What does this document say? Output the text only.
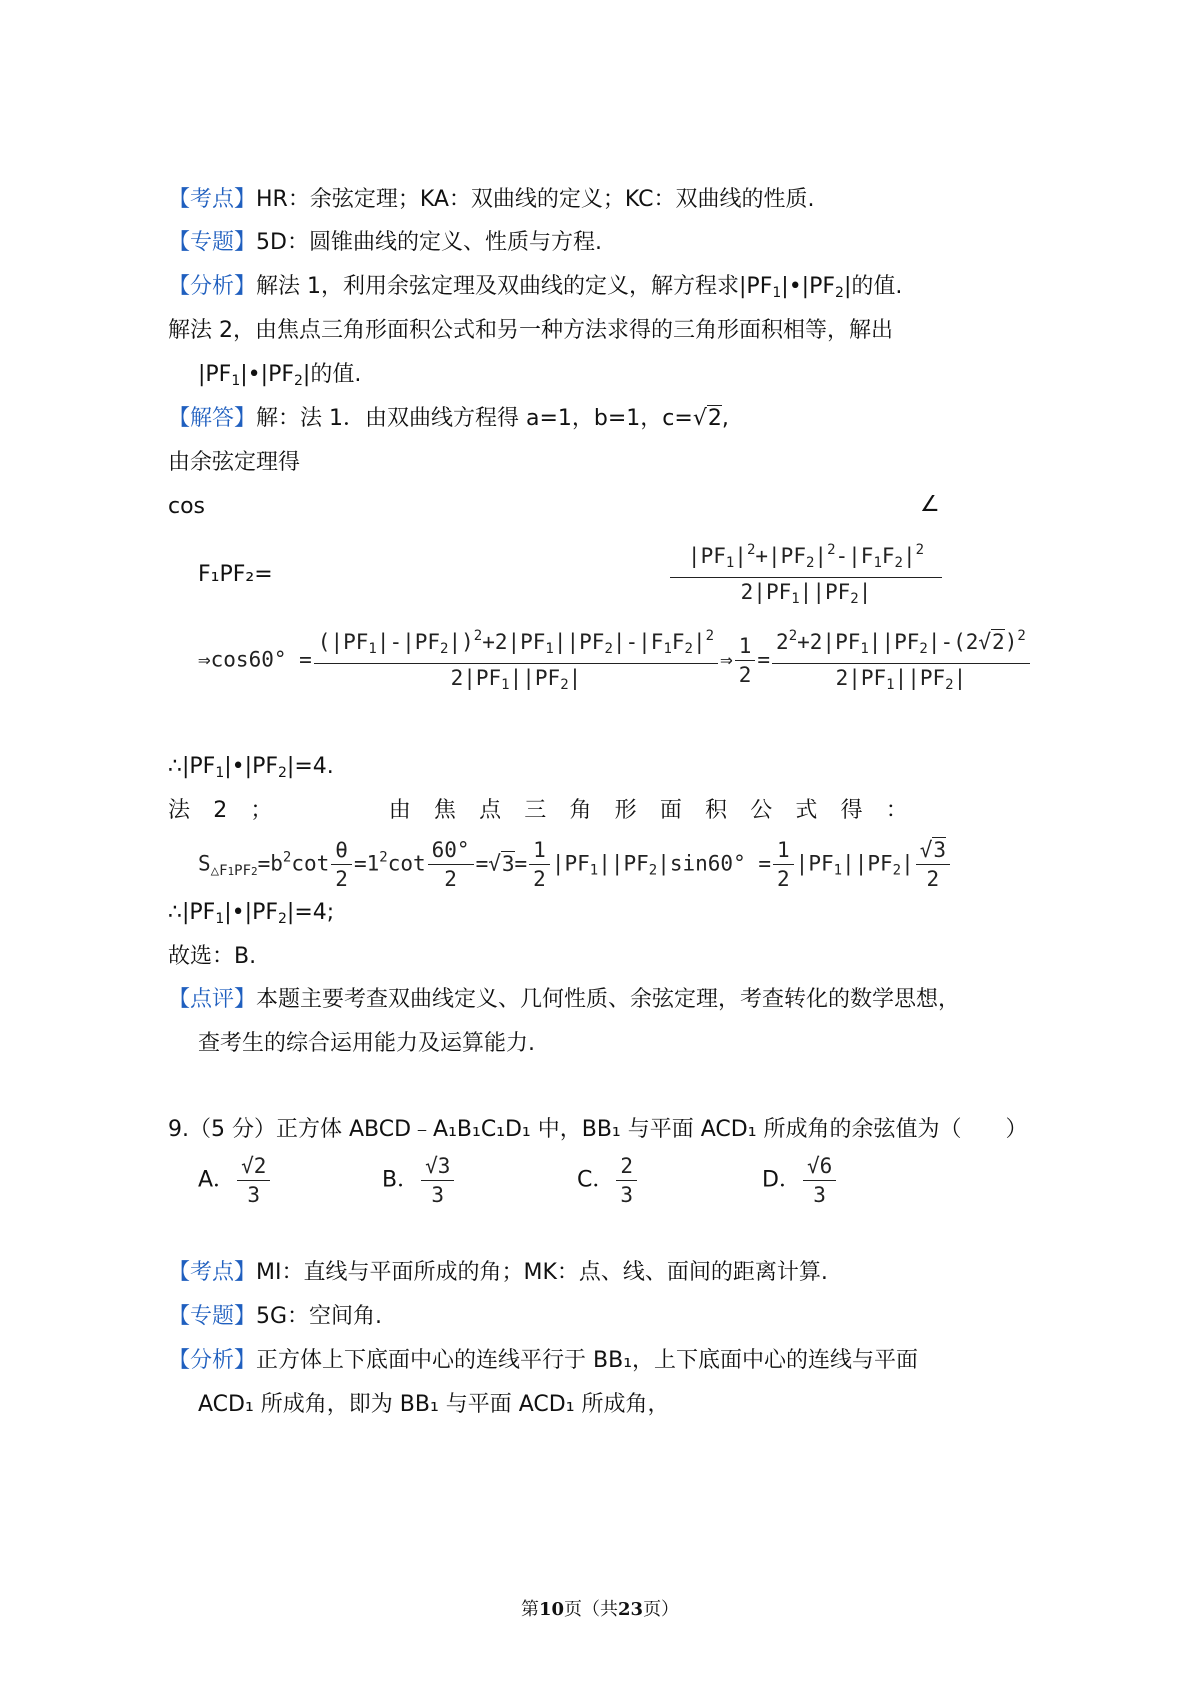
【考点】HR：余弦定理；KA：双曲线的定义；KC：双曲线的性质.
【专题】5D：圆锥曲线的定义、性质与方程.
【分析】解法 1，利用余弦定理及双曲线的定义，解方程求$|PF_1|•|PF_2|$的值.
解法 2，由焦点三角形面积公式和另一种方法求得的三角形面积相等，解出
$|PF_1|•|PF_2|$的值.
【解答】解：法 1．由双曲线方程得 a=1，b=1，c=√2,
由余弦定理得
cos	∠
F₁PF₂=	$\frac{|PF_1|^2+|PF_2|^2-|F_1F_2|^2}{2|PF_1||PF_2|}$
⇒cos60° = $\frac{(|PF_1|-|PF_2|)^2+2|PF_1||PF_2|-|F_1F_2|^2}{2|PF_1||PF_2|}$ ⇒ $\frac{1}{2} = \frac{2^2+2|PF_1||PF_2|-(2√2)^2}{2|PF_1||PF_2|}$
$\therefore|PF_1|•|PF_2|=4$.
法 2 ；	由 焦 点 三 角 形 面 积 公 式 得 ：
$S_{\triangle F1PF2}=b^2\cot \frac{\theta}{2} =1^2\cot \frac{60^\circ}{2} =√3= \frac{1}{2} |PF_1||PF_2|\sin 60^\circ = \frac{1}{2} |PF_1||PF_2| \frac{√3}{2}$
$\therefore|PF_1|•|PF_2|=4$;
故选：B.
【点评】本题主要考查双曲线定义、几何性质、余弦定理，考查转化的数学思想，
查考生的综合运用能力及运算能力.
9.（5 分）正方体 ABCD﹣A₁B₁C₁D₁ 中，BB₁ 与平面 ACD₁ 所成角的余弦值为（　　）
A． $\frac{√2}{3}$	B． $\frac{√3}{3}$	C． $\frac{2}{3}$	D． $\frac{√6}{3}$
【考点】MI：直线与平面所成的角；MK：点、线、面间的距离计算.
【专题】5G：空间角.
【分析】正方体上下底面中心的连线平行于 BB₁，上下底面中心的连线与平面
ACD₁ 所成角，即为 BB₁ 与平面 ACD₁ 所成角，
第10页（共23页）
